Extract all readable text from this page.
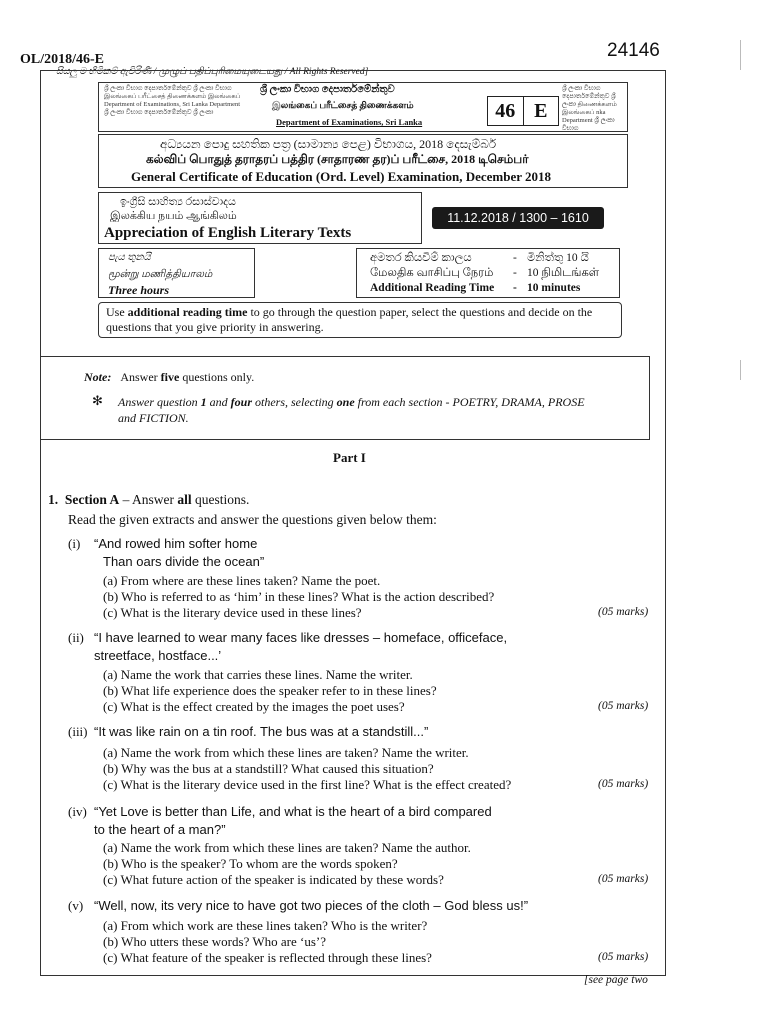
OL/2018/46-E	24146
සියලු ම හිමිකම් ඇවිරිණි / முழுப் பதிப்புரிமையுடையது / All Rights Reserved]
ශ්‍රී ලංකා විභාග දෙපාර්තමේන්තුව ශ්‍රී ලංකා විභාග இலங்கைப் பரீட்சைத் திணைக்களம் இலங்கைப் Department of Examinations, Sri Lanka Department ශ්‍රී ලංකා විභාග දෙපාර්තමේන්තුව ශ්‍රී ලංකා
ශ්‍රී ලංකා විභාග දෙපාර්තමේන්තුව ශ්‍රී ලංකා திணைக்களம் இலங்கைப் nka Department ශ්‍රී ලංකා විභාග
ශ්‍රී ලංකා විභාග දෙපාර්තමේන්තුව
இலங்கைப் பரீட்சைத் திணைக்களம்
Department of Examinations, Sri Lanka
46 E
අධ්‍යයන පොදු සහතික පත්‍ර (සාමාන්‍ය පෙළ) විභාගය, 2018 දෙසැම්බර්
கல்விப் பொதுத் தராதரப் பத்திர (சாதாரண தர)ப் பரீட்சை, 2018 டிசெம்பர்
General Certificate of Education (Ord. Level) Examination, December 2018
ඉංග්‍රීසි සාහිත්‍ය රසාස්වාදය
இலக்கிய நயம் ஆங்கிலம்
Appreciation of English Literary Texts
11.12.2018 / 1300 – 1610
පැය තුනයි
மூன்று மணித்தியாலம்
Three hours
අමතර කියවීම් කාලය	- මිනිත්තු 10 යි
மேலதிக வாசிப்பு நேரம்	- 10 நிமிடங்கள்
Additional Reading Time	- 10 minutes
Use additional reading time to go through the question paper, select the questions and decide on the questions that you give priority in answering.
Note: Answer five questions only.
✻ Answer question 1 and four others, selecting one from each section - POETRY, DRAMA, PROSE and FICTION.
Part I
1. Section A – Answer all questions.
Read the given extracts and answer the questions given below them:
(i) “And rowed him softer home
Than oars divide the ocean”
(a) From where are these lines taken? Name the poet.
(b) Who is referred to as ‘him’ in these lines? What is the action described?
(c) What is the literary device used in these lines?	(05 marks)
(ii) “I have learned to wear many faces like dresses – homeface, officeface,
streetface, hostface...’
(a) Name the work that carries these lines. Name the writer.
(b) What life experience does the speaker refer to in these lines?
(c) What is the effect created by the images the poet uses?	(05 marks)
(iii) “It was like rain on a tin roof. The bus was at a standstill...”
(a) Name the work from which these lines are taken? Name the writer.
(b) Why was the bus at a standstill? What caused this situation?
(c) What is the literary device used in the first line? What is the effect created?	(05 marks)
(iv) “Yet Love is better than Life, and what is the heart of a bird compared
to the heart of a man?”
(a) Name the work from which these lines are taken? Name the author.
(b) Who is the speaker? To whom are the words spoken?
(c) What future action of the speaker is indicated by these words?	(05 marks)
(v) “Well, now, its very nice to have got two pieces of the cloth – God bless us!”
(a) From which work are these lines taken? Who is the writer?
(b) Who utters these words? Who are ‘us’?
(c) What feature of the speaker is reflected through these lines?	(05 marks)
[see page two
